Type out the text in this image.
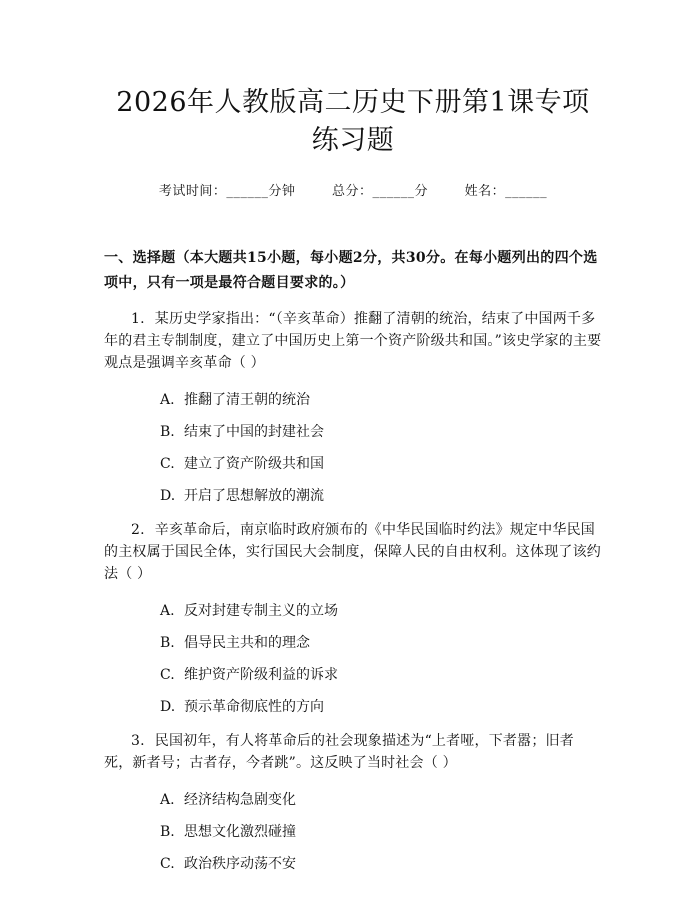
2026年人教版高二历史下册第1课专项练习题
考试时间：______分钟	总分：______分	姓名：______
一、选择题（本大题共15小题，每小题2分，共30分。在每小题列出的四个选项中，只有一项是最符合题目要求的。）
1. 某历史学家指出：“（辛亥革命）推翻了清朝的统治，结束了中国两千多年的君主专制制度，建立了中国历史上第一个资产阶级共和国。”该史学家的主要观点是强调辛亥革命（ ）
A. 推翻了清王朝的统治
B. 结束了中国的封建社会
C. 建立了资产阶级共和国
D. 开启了思想解放的潮流
2. 辛亥革命后，南京临时政府颁布的《中华民国临时约法》规定中华民国的主权属于国民全体，实行国民大会制度，保障人民的自由权利。这体现了该约法（ ）
A. 反对封建专制主义的立场
B. 倡导民主共和的理念
C. 维护资产阶级利益的诉求
D. 预示革命彻底性的方向
3. 民国初年，有人将革命后的社会现象描述为“上者哑，下者嚣；旧者死，新者号；古者存，今者跳”。这反映了当时社会（ ）
A. 经济结构急剧变化
B. 思想文化激烈碰撞
C. 政治秩序动荡不安
